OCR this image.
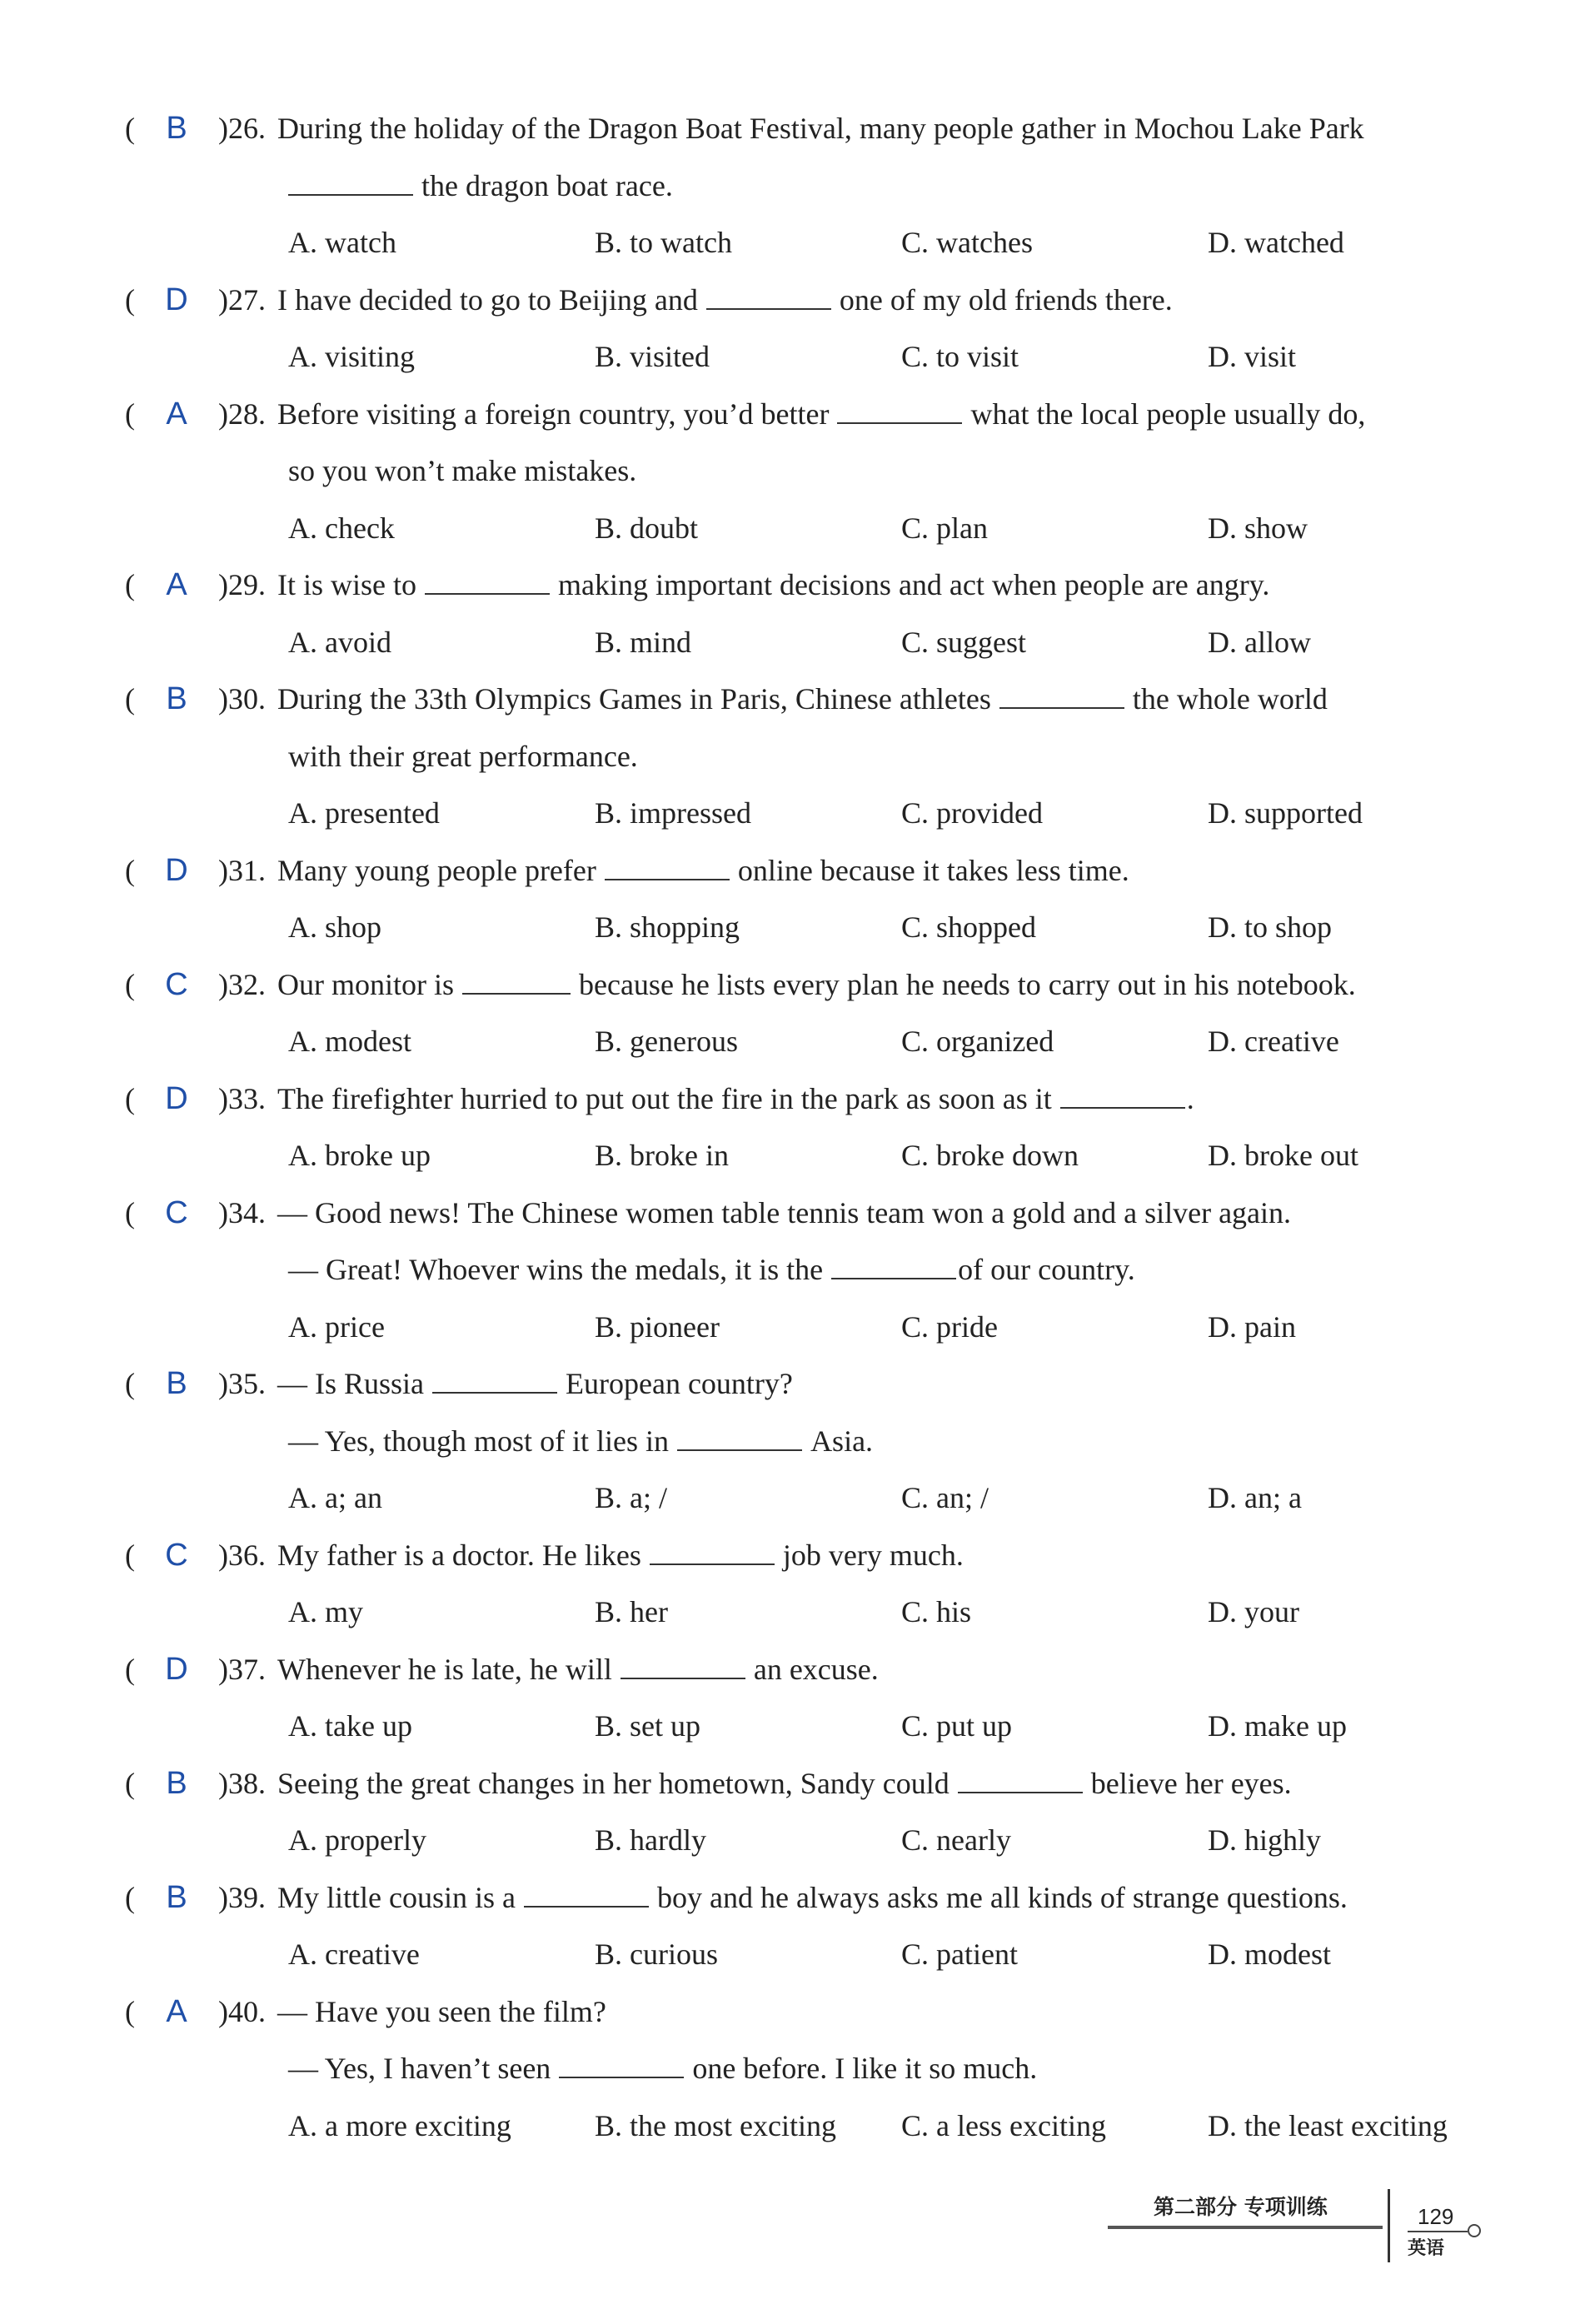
( B )26. During the holiday of the Dragon Boat Festival, many people gather in Mochou Lake Park
the dragon boat race.
A. watch	B. to watch	C. watches	D. watched
( D )27. I have decided to go to Beijing and	one of my old friends there.
A. visiting	B. visited	C. to visit	D. visit
( A )28. Before visiting a foreign country, you’d better	what the local people usually do,
so you won’t make mistakes.
A. check	B. doubt	C. plan	D. show
( A )29. It is wise to	making important decisions and act when people are angry.
A. avoid	B. mind	C. suggest	D. allow
( B )30. During the 33th Olympics Games in Paris, Chinese athletes	the whole world
with their great performance.
A. presented	B. impressed	C. provided	D. supported
( D )31. Many young people prefer	online because it takes less time.
A. shop	B. shopping	C. shopped	D. to shop
( C )32. Our monitor is	because he lists every plan he needs to carry out in his notebook.
A. modest	B. generous	C. organized	D. creative
( D )33. The firefighter hurried to put out the fire in the park as soon as it	.
A. broke up	B. broke in	C. broke down	D. broke out
( C )34. — Good news! The Chinese women table tennis team won a gold and a silver again.
— Great! Whoever wins the medals, it is the	of our country.
A. price	B. pioneer	C. pride	D. pain
( B )35. — Is Russia	European country?
— Yes, though most of it lies in	Asia.
A. a; an	B. a; /	C. an; /	D. an; a
( C )36. My father is a doctor. He likes	job very much.
A. my	B. her	C. his	D. your
( D )37. Whenever he is late, he will	an excuse.
A. take up	B. set up	C. put up	D. make up
( B )38. Seeing the great changes in her hometown, Sandy could	believe her eyes.
A. properly	B. hardly	C. nearly	D. highly
( B )39. My little cousin is a	boy and he always asks me all kinds of strange questions.
A. creative	B. curious	C. patient	D. modest
( A )40. — Have you seen the film?
— Yes, I haven’t seen	one before. I like it so much.
A. a more exciting	B. the most exciting	C. a less exciting	D. the least exciting
第二部分 专项训练	129
英语
